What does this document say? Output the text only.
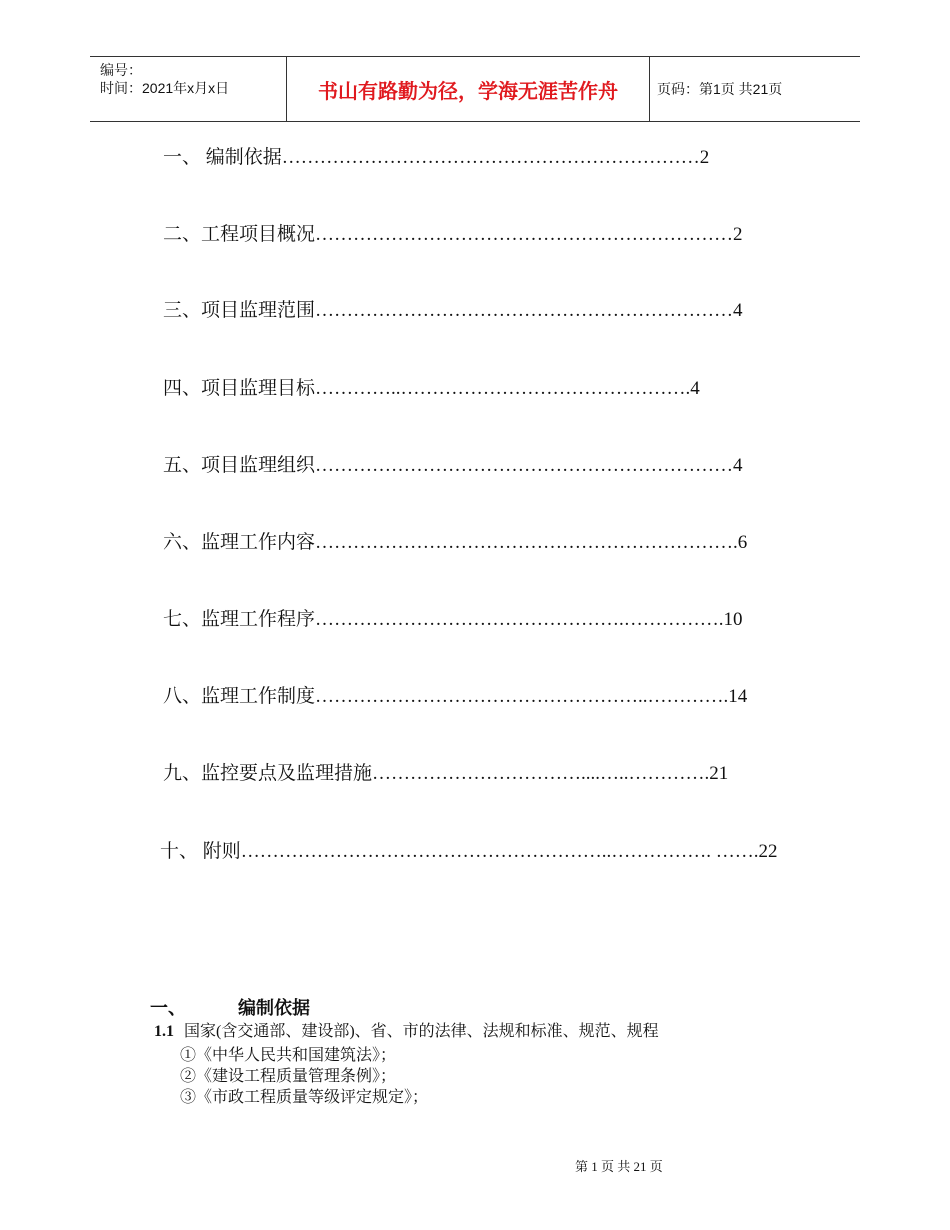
编号：
时间：2021年x月x日	书山有路勤为径，学海无涯苦作舟	页码：第1页 共21页
一、 编制依据…………………………………………………………2
二、工程项目概况…………………………………………………………2
三、项目监理范围…………………………………………………………4
四、项目监理目标…………..……………………………………….4
五、项目监理组织…………………………………………………………4
六、监理工作内容………………………………………………………….6
七、监理工作程序………………………………………….…………….10
八、监理工作制度……………………………………………..………….14
九、监控要点及监理措施……………………………....…..………….21
十、 附则…………………………………………………..……………. …….22
一、	编制依据
1.1 国家(含交通部、建设部)、省、市的法律、法规和标准、规范、规程
①《中华人民共和国建筑法》；
②《建设工程质量管理条例》；
③《市政工程质量等级评定规定》；
第 1 页 共 21 页
